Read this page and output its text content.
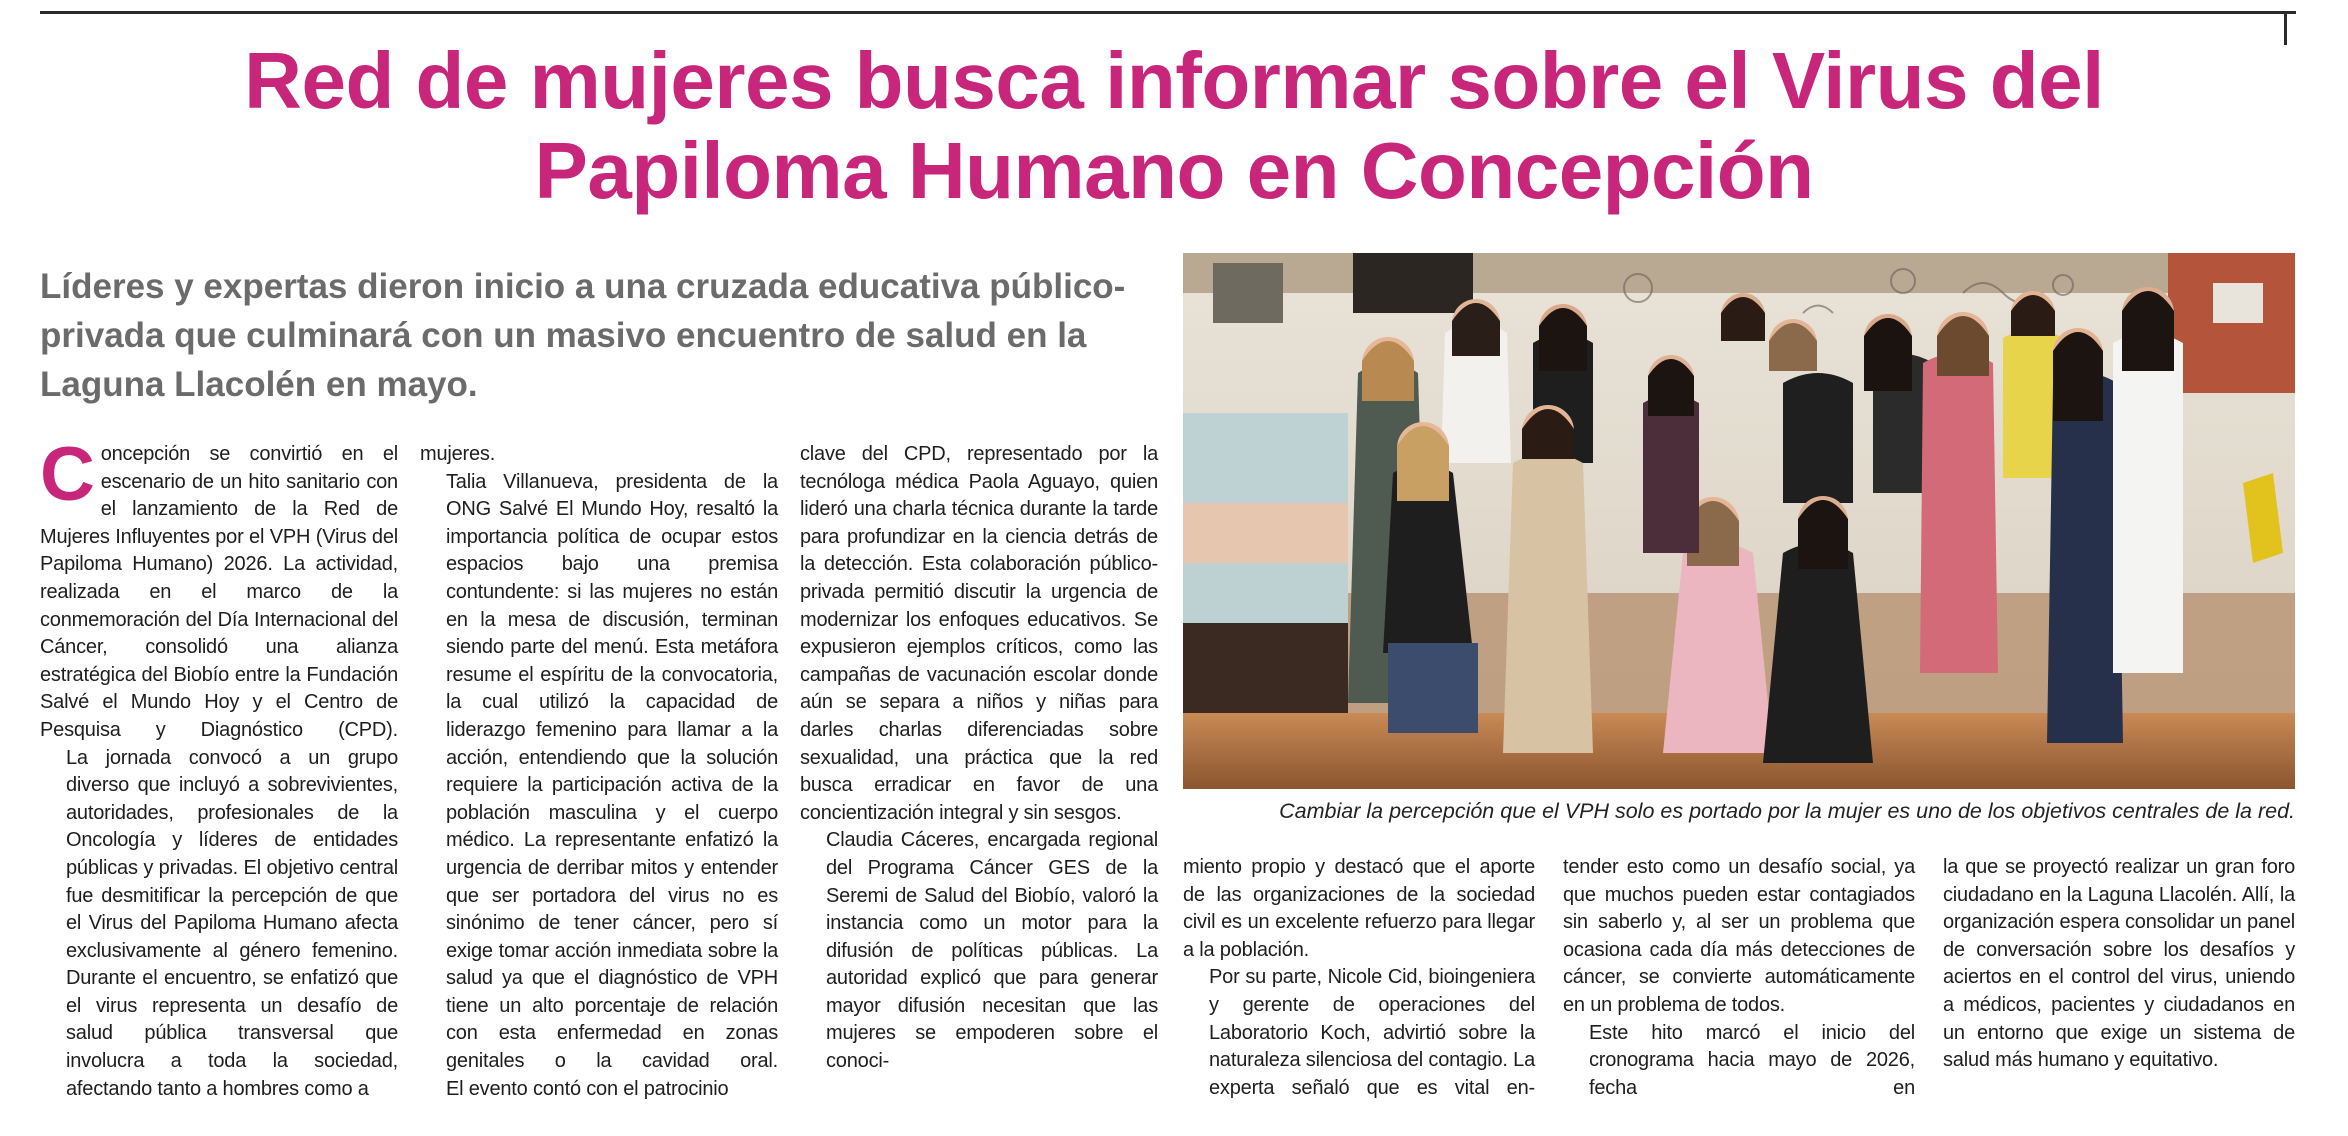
Red de mujeres busca informar sobre el Virus del
Papiloma Humano en Concepción

Líderes y expertas dieron inicio a una cruzada educativa público-privada que culminará con un masivo encuentro de salud en la Laguna Llacolén en mayo.

Cambiar la percepción que el VPH solo es portado por la mujer es uno de los objetivos centrales de la red.

Concepción se convirtió en el escenario de un hito sanitario con el lanzamiento de la Red de Mujeres Influyentes por el VPH (Virus del Papiloma Humano) 2026. La actividad, realizada en el marco de la conmemoración del Día Internacional del Cáncer, consolidó una alianza estratégica del Biobío entre la Fundación Salvé el Mundo Hoy y el Centro de Pesquisa y Diagnóstico (CPD).
La jornada convocó a un grupo diverso que incluyó a sobrevivientes, autoridades, profesionales de la Oncología y líderes de entidades públicas y privadas. El objetivo central fue desmitificar la percepción de que el Virus del Papiloma Humano afecta exclusivamente al género femenino. Durante el encuentro, se enfatizó que el virus representa un desafío de salud pública transversal que involucra a toda la sociedad, afectando tanto a hombres como a
mujeres.
Talia Villanueva, presidenta de la ONG Salvé El Mundo Hoy, resaltó la importancia política de ocupar estos espacios bajo una premisa contundente: si las mujeres no están en la mesa de discusión, terminan siendo parte del menú. Esta metáfora resume el espíritu de la convocatoria, la cual utilizó la capacidad de liderazgo femenino para llamar a la acción, entendiendo que la solución requiere la participación activa de la población masculina y el cuerpo médico. La representante enfatizó la urgencia de derribar mitos y entender que ser portadora del virus no es sinónimo de tener cáncer, pero sí exige tomar acción inmediata sobre la salud ya que el diagnóstico de VPH tiene un alto porcentaje de relación con esta enfermedad en zonas genitales o la cavidad oral.
El evento contó con el patrocinio
clave del CPD, representado por la tecnóloga médica Paola Aguayo, quien lideró una charla técnica durante la tarde para profundizar en la ciencia detrás de la detección. Esta colaboración público-privada permitió discutir la urgencia de modernizar los enfoques educativos. Se expusieron ejemplos críticos, como las campañas de vacunación escolar donde aún se separa a niños y niñas para darles charlas diferenciadas sobre sexualidad, una práctica que la red busca erradicar en favor de una concientización integral y sin sesgos.
Claudia Cáceres, encargada regional del Programa Cáncer GES de la Seremi de Salud del Biobío, valoró la instancia como un motor para la difusión de políticas públicas. La autoridad explicó que para generar mayor difusión necesitan que las mujeres se empoderen sobre el conoci-
miento propio y destacó que el aporte de las organizaciones de la sociedad civil es un excelente refuerzo para llegar a la población.
Por su parte, Nicole Cid, bioingeniera y gerente de operaciones del Laboratorio Koch, advirtió sobre la naturaleza silenciosa del contagio. La experta señaló que es vital en-
tender esto como un desafío social, ya que muchos pueden estar contagiados sin saberlo y, al ser un problema que ocasiona cada día más detecciones de cáncer, se convierte automáticamente en un problema de todos.
Este hito marcó el inicio del cronograma hacia mayo de 2026, fecha en
la que se proyectó realizar un gran foro ciudadano en la Laguna Llacolén. Allí, la organización espera consolidar un panel de conversación sobre los desafíos y aciertos en el control del virus, uniendo a médicos, pacientes y ciudadanos en un entorno que exige un sistema de salud más humano y equitativo.
